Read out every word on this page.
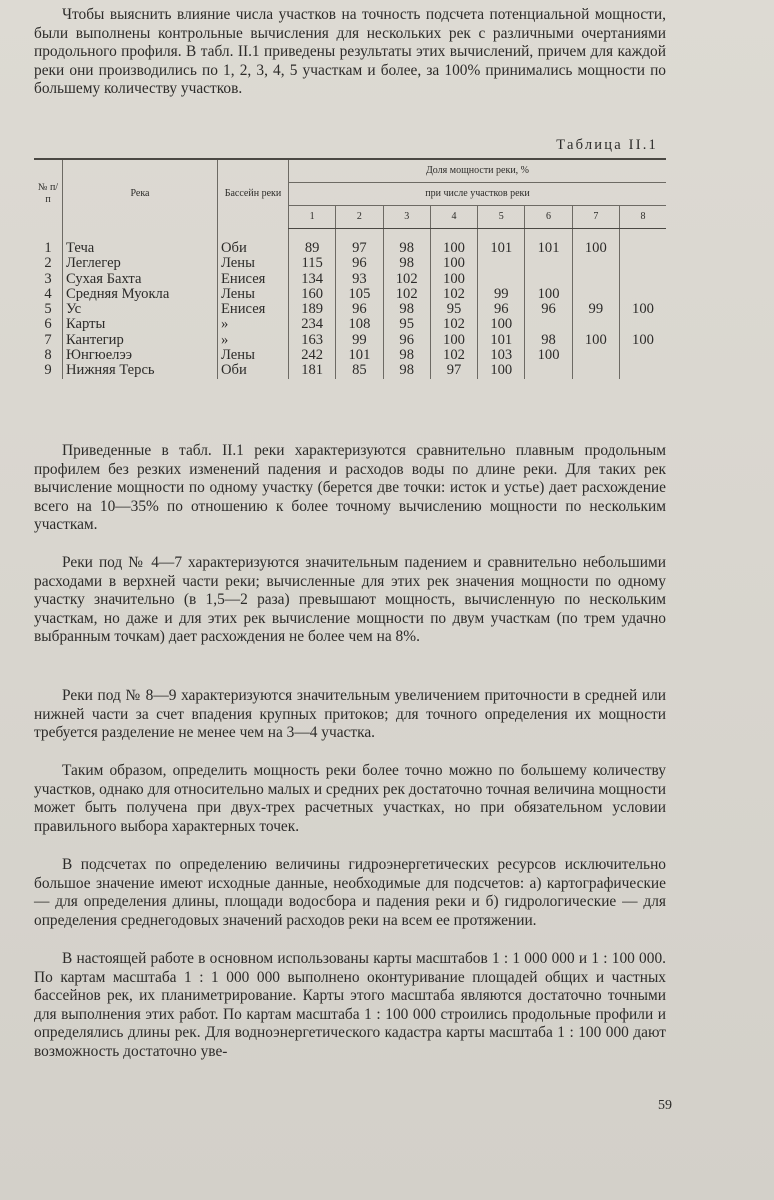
Чтобы выяснить влияние числа участков на точность подсчета потенциальной мощности, были выполнены контрольные вычисления для нескольких рек с различными очертаниями продольного профиля. В табл. II.1 приведены результаты этих вычислений, причем для каждой реки они производились по 1, 2, 3, 4, 5 участкам и более, за 100% принимались мощности по большему количеству участков.

Таблица II.1
№ п/п	Река	Бассейн реки	Доля мощности реки, %							
			при числе участков реки							
			1	2	3	4	5	6	7	8
1	Теча	Оби	89	97	98	100	101	101	100	
2	Леглегер	Лены	115	96	98	100				
3	Сухая Бахта	Енисея	134	93	102	100				
4	Средняя Муокла	Лены	160	105	102	102	99	100		
5	Ус	Енисея	189	96	98	95	96	96	99	100
6	Карты	»	234	108	95	102	100			
7	Кантегир	»	163	99	96	100	101	98	100	100
8	Юнгюелээ	Лены	242	101	98	102	103	100		
9	Нижняя Терсь	Оби	181	85	98	97	100			

Приведенные в табл. II.1 реки характеризуются сравнительно плавным продольным профилем без резких изменений падения и расходов воды по длине реки. Для таких рек вычисление мощности по одному участку (берется две точки: исток и устье) дает расхождение всего на 10—35% по отношению к более точному вычислению мощности по нескольким участкам.

Реки под № 4—7 характеризуются значительным падением и сравнительно небольшими расходами в верхней части реки; вычисленные для этих рек значения мощности по одному участку значительно (в 1,5—2 раза) превышают мощность, вычисленную по нескольким участкам, но даже и для этих рек вычисление мощности по двум участкам (по трем удачно выбранным точкам) дает расхождения не более чем на 8%.

Реки под № 8—9 характеризуются значительным увеличением приточности в средней или нижней части за счет впадения крупных притоков; для точного определения их мощности требуется разделение не менее чем на 3—4 участка.

Таким образом, определить мощность реки более точно можно по большему количеству участков, однако для относительно малых и средних рек достаточно точная величина мощности может быть получена при двух-трех расчетных участках, но при обязательном условии правильного выбора характерных точек.

В подсчетах по определению величины гидроэнергетических ресурсов исключительно большое значение имеют исходные данные, необходимые для подсчетов: а) картографические — для определения длины, площади водосбора и падения реки и б) гидрологические — для определения среднегодовых значений расходов реки на всем ее протяжении.

В настоящей работе в основном использованы карты масштабов 1 : 1 000 000 и 1 : 100 000. По картам масштаба 1 : 1 000 000 выполнено оконтуривание площадей общих и частных бассейнов рек, их планиметрирование. Карты этого масштаба являются достаточно точными для выполнения этих работ. По картам масштаба 1 : 100 000 строились продольные профили и определялись длины рек. Для водноэнергетического кадастра карты масштаба 1 : 100 000 дают возможность достаточно уве-

59
